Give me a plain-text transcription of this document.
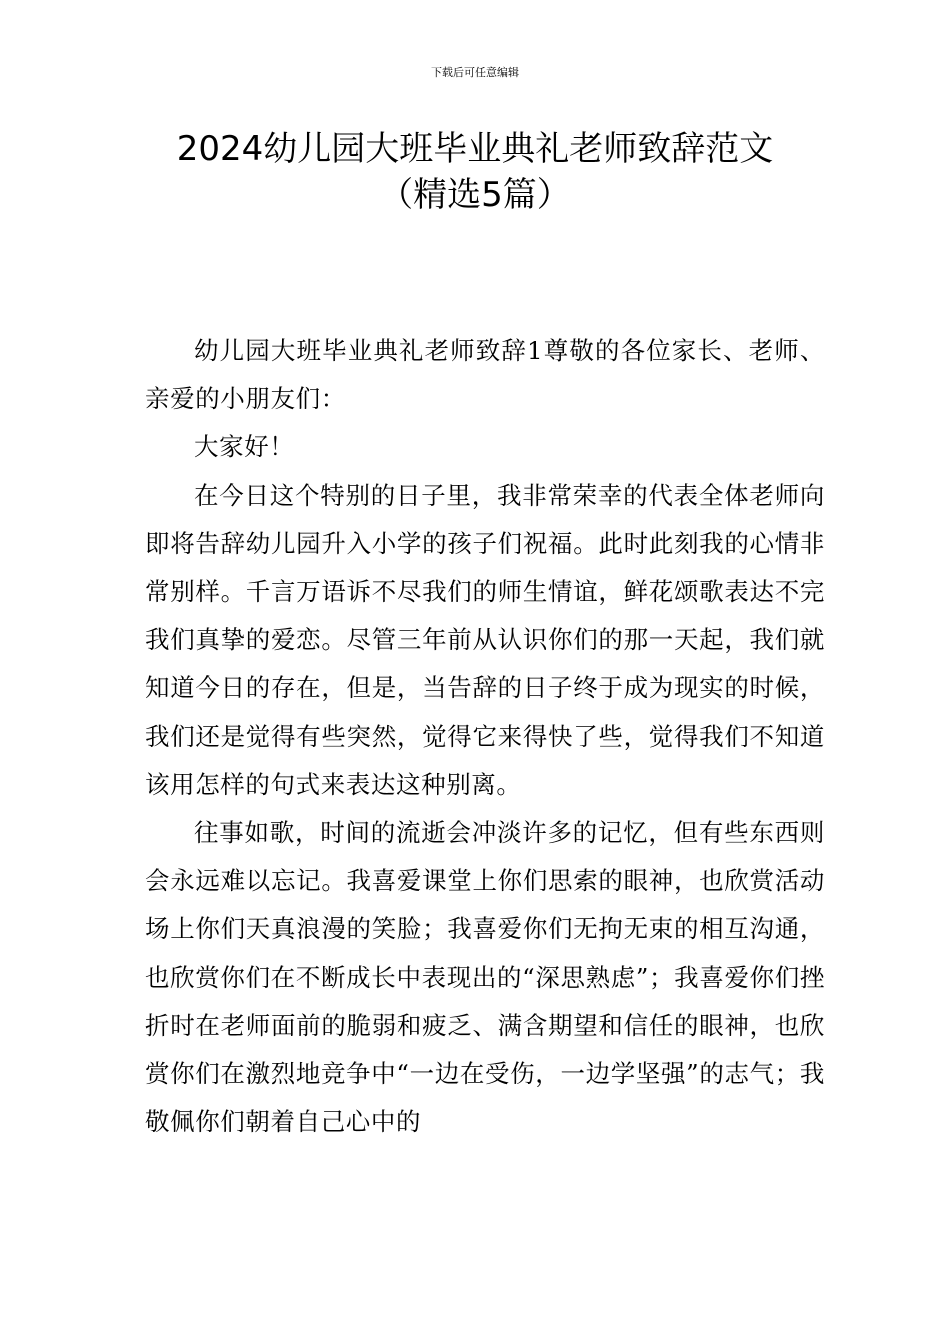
下载后可任意编辑
2024幼儿园大班毕业典礼老师致辞范文
（精选5篇）

幼儿园大班毕业典礼老师致辞1尊敬的各位家长、老师、亲爱的小朋友们：

大家好！

在今日这个特别的日子里，我非常荣幸的代表全体老师向即将告辞幼儿园升入小学的孩子们祝福。此时此刻我的心情非常别样。千言万语诉不尽我们的师生情谊，鲜花颂歌表达不完我们真挚的爱恋。尽管三年前从认识你们的那一天起，我们就知道今日的存在，但是，当告辞的日子终于成为现实的时候，我们还是觉得有些突然，觉得它来得快了些，觉得我们不知道该用怎样的句式来表达这种别离。

往事如歌，时间的流逝会冲淡许多的记忆，但有些东西则会永远难以忘记。我喜爱课堂上你们思索的眼神，也欣赏活动场上你们天真浪漫的笑脸；我喜爱你们无拘无束的相互沟通，也欣赏你们在不断成长中表现出的“深思熟虑”；我喜爱你们挫折时在老师面前的脆弱和疲乏、满含期望和信任的眼神，也欣赏你们在激烈地竞争中“一边在受伤，一边学坚强”的志气；我敬佩你们朝着自己心中的
